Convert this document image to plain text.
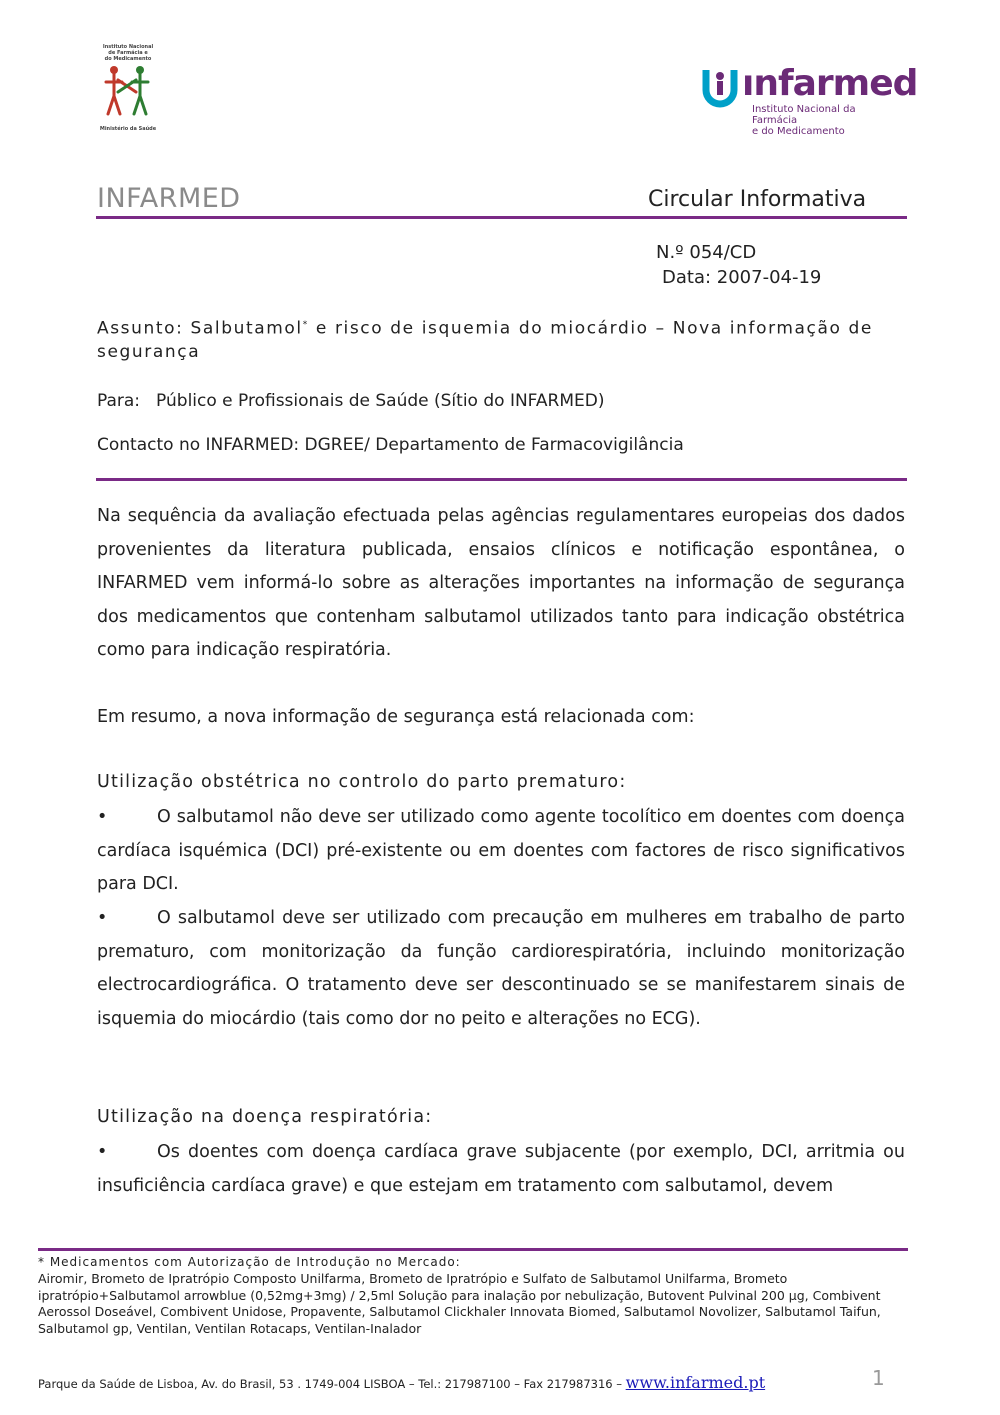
Instituto Nacional
de Farmácia e
do Medicamento
Ministério da Saúde
ınfarmed
Instituto Nacional da Farmácia
e do Medicamento
INFARMED	Circular Informativa
N.º 054/CD
Data: 2007-04-19
Assunto: Salbutamol* e risco de isquemia do miocárdio – Nova informação de segurança
Para: Público e Profissionais de Saúde (Sítio do INFARMED)
Contacto no INFARMED: DGREE/ Departamento de Farmacovigilância
Na sequência da avaliação efectuada pelas agências regulamentares europeias dos dados provenientes da literatura publicada, ensaios clínicos e notificação espontânea, o INFARMED vem informá-lo sobre as alterações importantes na informação de segurança dos medicamentos que contenham salbutamol utilizados tanto para indicação obstétrica como para indicação respiratória.
Em resumo, a nova informação de segurança está relacionada com:
Utilização obstétrica no controlo do parto prematuro:
•	O salbutamol não deve ser utilizado como agente tocolítico em doentes com doença cardíaca isquémica (DCI) pré-existente ou em doentes com factores de risco significativos para DCI.
•	O salbutamol deve ser utilizado com precaução em mulheres em trabalho de parto prematuro, com monitorização da função cardiorespiratória, incluindo monitorização electrocardiográfica. O tratamento deve ser descontinuado se se manifestarem sinais de isquemia do miocárdio (tais como dor no peito e alterações no ECG).
Utilização na doença respiratória:
•	Os doentes com doença cardíaca grave subjacente (por exemplo, DCI, arritmia ou insuficiência cardíaca grave) e que estejam em tratamento com salbutamol, devem
* Medicamentos com Autorização de Introdução no Mercado:
Airomir, Brometo de Ipratrópio Composto Unilfarma, Brometo de Ipratrópio e Sulfato de Salbutamol Unilfarma, Brometo ipratrópio+Salbutamol arrowblue (0,52mg+3mg) / 2,5ml Solução para inalação por nebulização, Butovent Pulvinal 200 µg, Combivent Aerossol Doseável, Combivent Unidose, Propavente, Salbutamol Clickhaler Innovata Biomed, Salbutamol Novolizer, Salbutamol Taifun, Salbutamol gp, Ventilan, Ventilan Rotacaps, Ventilan-Inalador
Parque da Saúde de Lisboa, Av. do Brasil, 53 . 1749-004 LISBOA – Tel.: 217987100 – Fax 217987316 – www.infarmed.pt	1
